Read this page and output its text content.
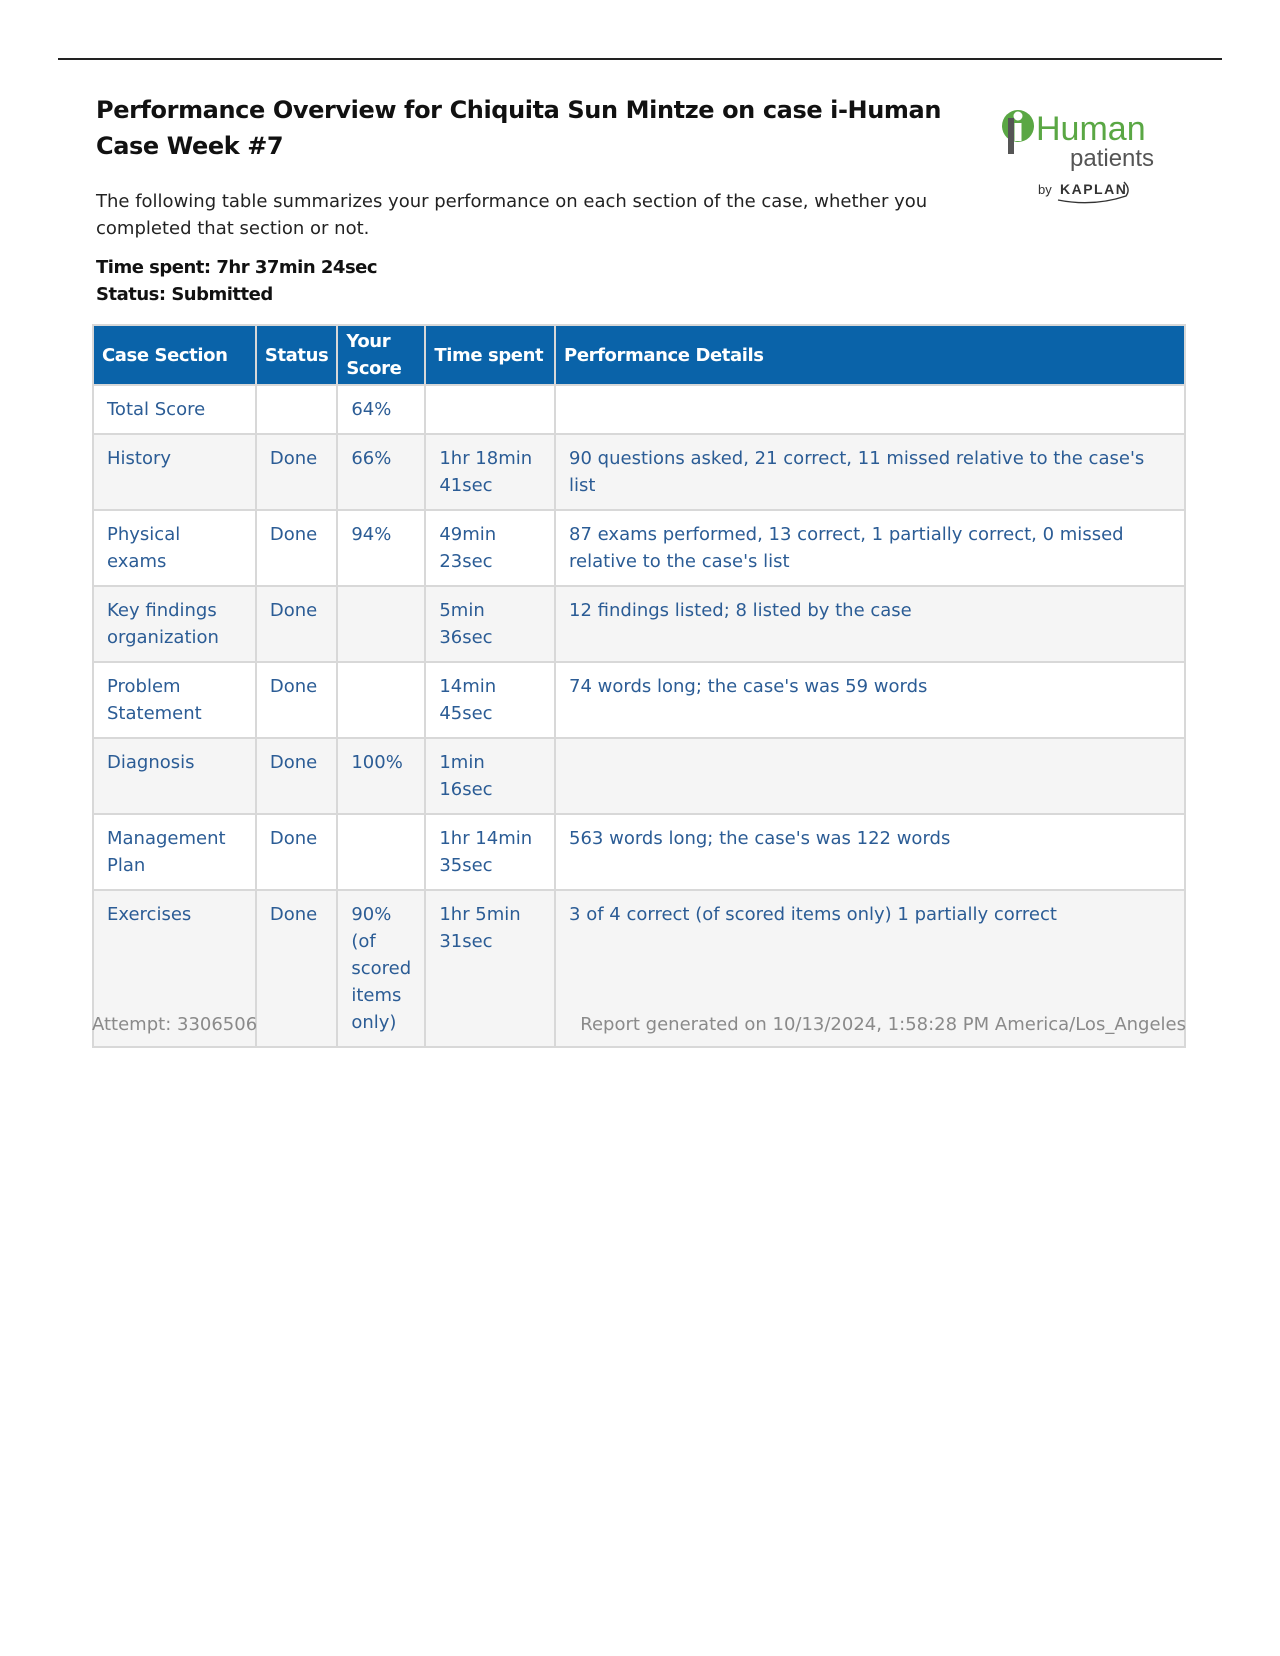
Performance Overview for Chiquita Sun Mintze on case i-Human Case Week #7	Human
patients
by KAPLAN
The following table summarizes your performance on each section of the case, whether you completed that section or not.
Time spent: 7hr 37min 24sec
Status: Submitted
Case Section	Status	Your Score	Time spent	Performance Details
Total Score		64%		
History	Done	66%	1hr 18min 41sec	90 questions asked, 21 correct, 11 missed relative to the case's list
Physical exams	Done	94%	49min 23sec	87 exams performed, 13 correct, 1 partially correct, 0 missed relative to the case's list
Key findings organization	Done		5min 36sec	12 findings listed; 8 listed by the case
Problem Statement	Done		14min 45sec	74 words long; the case's was 59 words
Diagnosis	Done	100%	1min 16sec	
Management Plan	Done		1hr 14min 35sec	563 words long; the case's was 122 words
Exercises	Done	90% (of scored items only)	1hr 5min 31sec	3 of 4 correct (of scored items only) 1 partially correct
Attempt: 3306506	Report generated on 10/13/2024, 1:58:28 PM America/Los_Angeles
